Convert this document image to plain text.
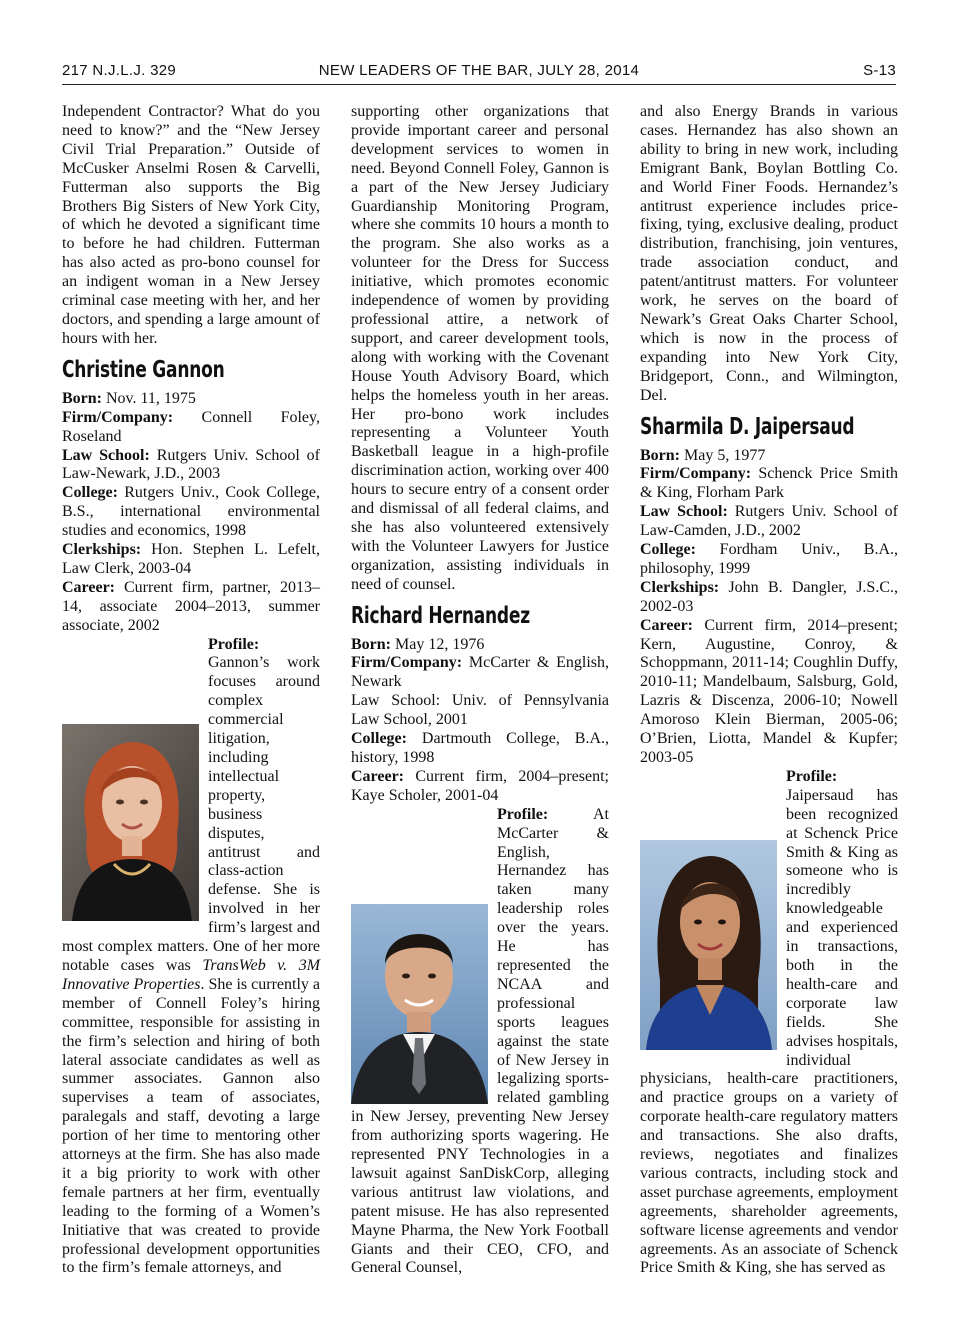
217 N.J.L.J. 329	NEW LEADERS OF THE BAR, JULY 28, 2014	S-13

Independent Contractor? What do you need to know?” and the “New Jersey Civil Trial Preparation.” Outside of McCusker Anselmi Rosen & Carvelli, Futterman also supports the Big Brothers Big Sisters of New York City, of which he devoted a significant time to before he had children. Futterman has also acted as pro-bono counsel for an indigent woman in a New Jersey criminal case meeting with her, and her doctors, and spending a large amount of hours with her.

Christine Gannon

Born: Nov. 11, 1975

Firm/Company: Connell Foley, Roseland

Law School: Rutgers Univ. School of Law-Newark, J.D., 2003

College: Rutgers Univ., Cook College, B.S., international environmental studies and economics, 1998

Clerkships: Hon. Stephen L. Lefelt, Law Clerk, 2003-04

Career: Current firm, partner, 2013–14, associate 2004–2013, summer associate, 2002

Profile: Gannon’s work focuses around complex commercial litigation, including intellectual property, business disputes, antitrust and class-action defense. She is involved in her firm’s largest and most complex matters. One of her more notable cases was TransWeb v. 3M Innovative Properties. She is currently a member of Connell Foley’s hiring committee, responsible for assisting in the firm’s selection and hiring of both lateral associate candidates as well as summer associates. Gannon also supervises a team of associates, paralegals and staff, devoting a large portion of her time to mentoring other attorneys at the firm. She has also made it a big priority to work with other female partners at her firm, eventually leading to the forming of a Women’s Initiative that was created to provide professional development opportunities to the firm’s female attorneys, and

supporting other organizations that provide important career and personal development services to women in need. Beyond Connell Foley, Gannon is a part of the New Jersey Judiciary Guardianship Monitoring Program, where she commits 10 hours a month to the program. She also works as a volunteer for the Dress for Success initiative, which promotes economic independence of women by providing professional attire, a network of support, and career development tools, along with working with the Covenant House Youth Advisory Board, which helps the homeless youth in her areas. Her pro-bono work includes representing a Volunteer Youth Basketball league in a high-profile discrimination action, working over 400 hours to secure entry of a consent order and dismissal of all federal claims, and she has also volunteered extensively with the Volunteer Lawyers for Justice organization, assisting individuals in need of counsel.

Richard Hernandez

Born: May 12, 1976

Firm/Company: McCarter & English, Newark

Law School: Univ. of Pennsylvania Law School, 2001

College: Dartmouth College, B.A., history, 1998

Career: Current firm, 2004–present; Kaye Scholer, 2001-04

Profile:	At McCarter & English, Hernandez has taken many leadership roles over the years. He has represented the NCAA and professional sports leagues against the state of New Jersey in legalizing sports-related gambling in New Jersey, preventing New Jersey from authorizing sports wagering. He represented PNY Technologies in a lawsuit against SanDiskCorp, alleging various antitrust law violations, and patent misuse. He has also represented Mayne Pharma, the New York Football Giants and their CEO, CFO, and General Counsel,

and also Energy Brands in various cases. Hernandez has also shown an ability to bring in new work, including Emigrant Bank, Boylan Bottling Co. and World Finer Foods. Hernandez’s antitrust experience includes price-fixing, tying, exclusive dealing, product distribution, franchising, join ventures, trade association conduct, and patent/antitrust matters. For volunteer work, he serves on the board of Newark’s Great Oaks Charter School, which is now in the process of expanding into New York City, Bridgeport, Conn., and Wilmington, Del.

Sharmila D. Jaipersaud

Born: May 5, 1977

Firm/Company: Schenck Price Smith & King, Florham Park

Law School: Rutgers Univ. School of Law-Camden, J.D., 2002

College: Fordham Univ., B.A., philosophy, 1999

Clerkships: John B. Dangler, J.S.C., 2002-03

Career: Current firm, 2014–present; Kern, Augustine, Conroy, & Schoppmann, 2011-14; Coughlin Duffy, 2010-11; Mandelbaum, Salsburg, Gold, Lazris & Discenza, 2006-10; Nowell Amoroso Klein Bierman, 2005-06; O’Brien, Liotta, Mandel & Kupfer; 2003-05

Profile: Jaipersaud has been recognized at Schenck Price Smith & King as someone who is incredibly knowledgeable and experienced in transactions, both in the health-care and corporate law fields. She advises hospitals, individual physicians, health-care practitioners, and practice groups on a variety of corporate health-care regulatory matters and transactions. She also drafts, reviews, negotiates and finalizes various contracts, including stock and asset purchase agreements, employment agreements, shareholder agreements, software license agreements and vendor agreements. As an associate of Schenck Price Smith & King, she has served as
